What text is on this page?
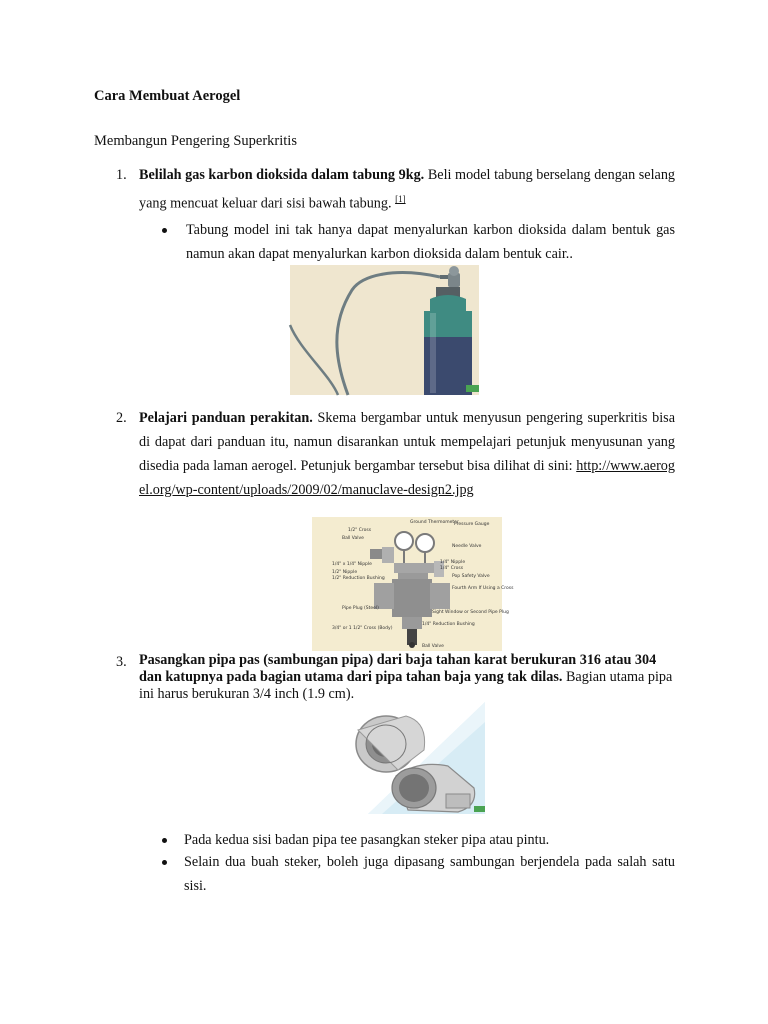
Cara Membuat Aerogel
Membangun Pengering Superkritis
1. Belilah gas karbon dioksida dalam tabung 9kg. Beli model tabung berselang dengan selang yang mencuat keluar dari sisi bawah tabung. [1]
Tabung model ini tak hanya dapat menyalurkan karbon dioksida dalam bentuk gas namun akan dapat menyalurkan karbon dioksida dalam bentuk cair..
2. Pelajari panduan perakitan. Skema bergambar untuk menyusun pengering superkritis bisa di dapat dari panduan itu, namun disarankan untuk mempelajari petunjuk menyusunan yang disedia pada laman aerogel. Petunjuk bergambar tersebut bisa dilihat di sini: http://www.aerogel.org/wp-content/uploads/2009/02/manuclave-design2.jpg
1/2" Cross
Ground Thermometer
Pressure Gauge
Ball Valve
Needle Valve
1/4" x 1/4" Nipple	1/4" Nipple
1/4" Cross
1/2" Nipple
1/2" Reduction Bushing	Pop Safety Valve
Fourth Arm If Using a Cross
Pipe Plug (Steel)
Sight Window or Second Pipe Plug
1/4" Reduction Bushing
3/4" or 1 1/2" Cross (Body)
Ball Valve
3. Pasangkan pipa pas (sambungan pipa) dari baja tahan karat berukuran 316 atau 304 dan katupnya pada bagian utama dari pipa tahan baja yang tak dilas. Bagian utama pipa ini harus berukuran 3/4 inch (1.9 cm).
Pada kedua sisi badan pipa tee pasangkan steker pipa atau pintu.
Selain dua buah steker, boleh juga dipasang sambungan berjendela pada salah satu sisi.
